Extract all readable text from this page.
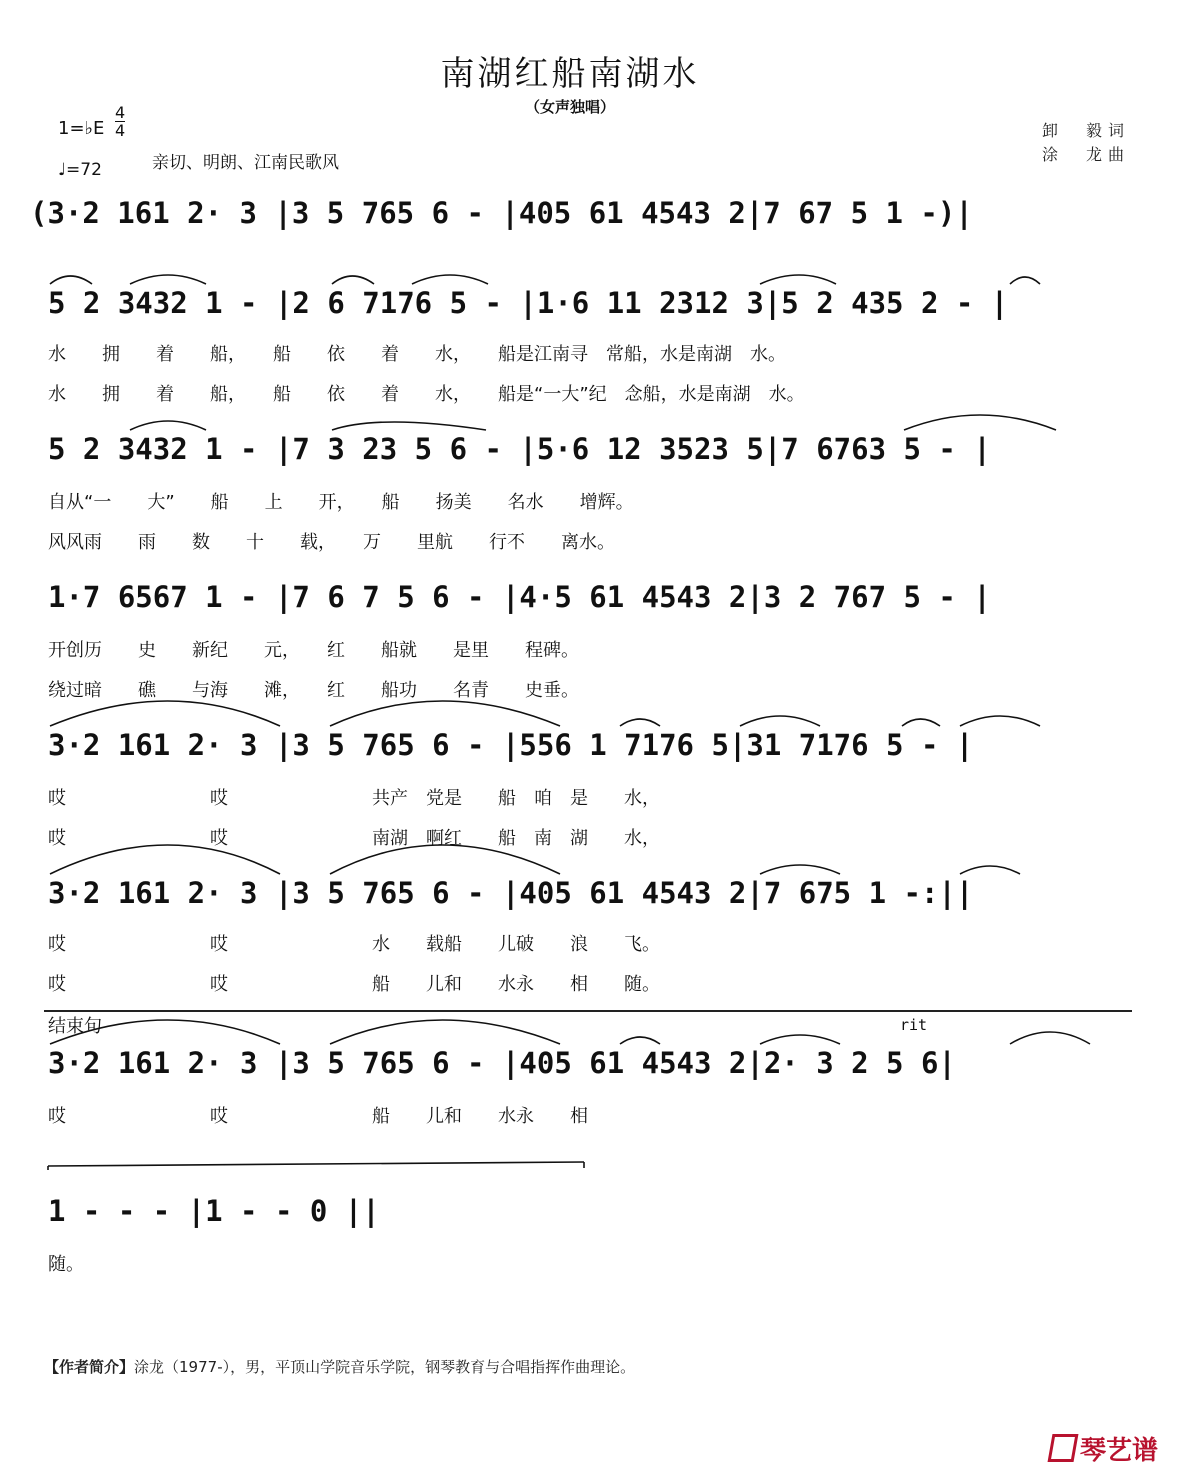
南湖红船南湖水
（女声独唱）
卸　毅词
涂　龙曲
1=♭E $\frac{4}{4}$
♩=72	亲切、明朗、江南民歌风
(3·2 161 2· 3 |3 5 765 6 - |405 61 4543 2|7 67 5 1 -)|
5 2 3432 1 - |2 6 7176 5 - |1·6 11 2312 3|5 2 435 2 - |
水　　拥　　着　　船，　　船　　依　　着　　水，　　船是江南寻　常船，水是南湖　水。
水　　拥　　着　　船，　　船　　依　　着　　水，　　船是“一大”纪　念船，水是南湖　水。
5 2 3432 1 - |7 3 23 5 6 - |5·6 12 3523 5|7 6763 5 - |
自从“一　　大”　　船　　上　　开，　　船　　扬美　　名水　　增辉。
风风雨　　雨　　数　　十　　载，　　万　　里航　　行不　　离水。
1·7 6567 1 - |7 6 7 5 6 - |4·5 61 4543 2|3 2 767 5 - |
开创历　　史　　新纪　　元，　　红　　船就　　是里　　程碑。
绕过暗　　礁　　与海　　滩，　　红　　船功　　名青　　史垂。
3·2 161 2· 3 |3 5 765 6 - |556 1 7176 5|31 7176 5 - |
哎　　　　　　　　哎　　　　　　　　共产　党是　　船　咱　是　　水，
哎　　　　　　　　哎　　　　　　　　南湖　啊红　　船　南　湖　　水，
3·2 161 2· 3 |3 5 765 6 - |405 61 4543 2|7 675 1 -:||
哎　　　　　　　　哎　　　　　　　　水　　载船　　儿破　　浪　　飞。
哎　　　　　　　　哎　　　　　　　　船　　儿和　　水永　　相　　随。
结束句	rit
3·2 161 2· 3 |3 5 765 6 - |405 61 4543 2|2· 3 2 5 6|
哎　　　　　　　　哎　　　　　　　　船　　儿和　　水永　　相
1 - - - |1 - - 0 ||
随。
【作者简介】涂龙（1977-），男，平顶山学院音乐学院，钢琴教育与合唱指挥作曲理论。
琴艺谱
